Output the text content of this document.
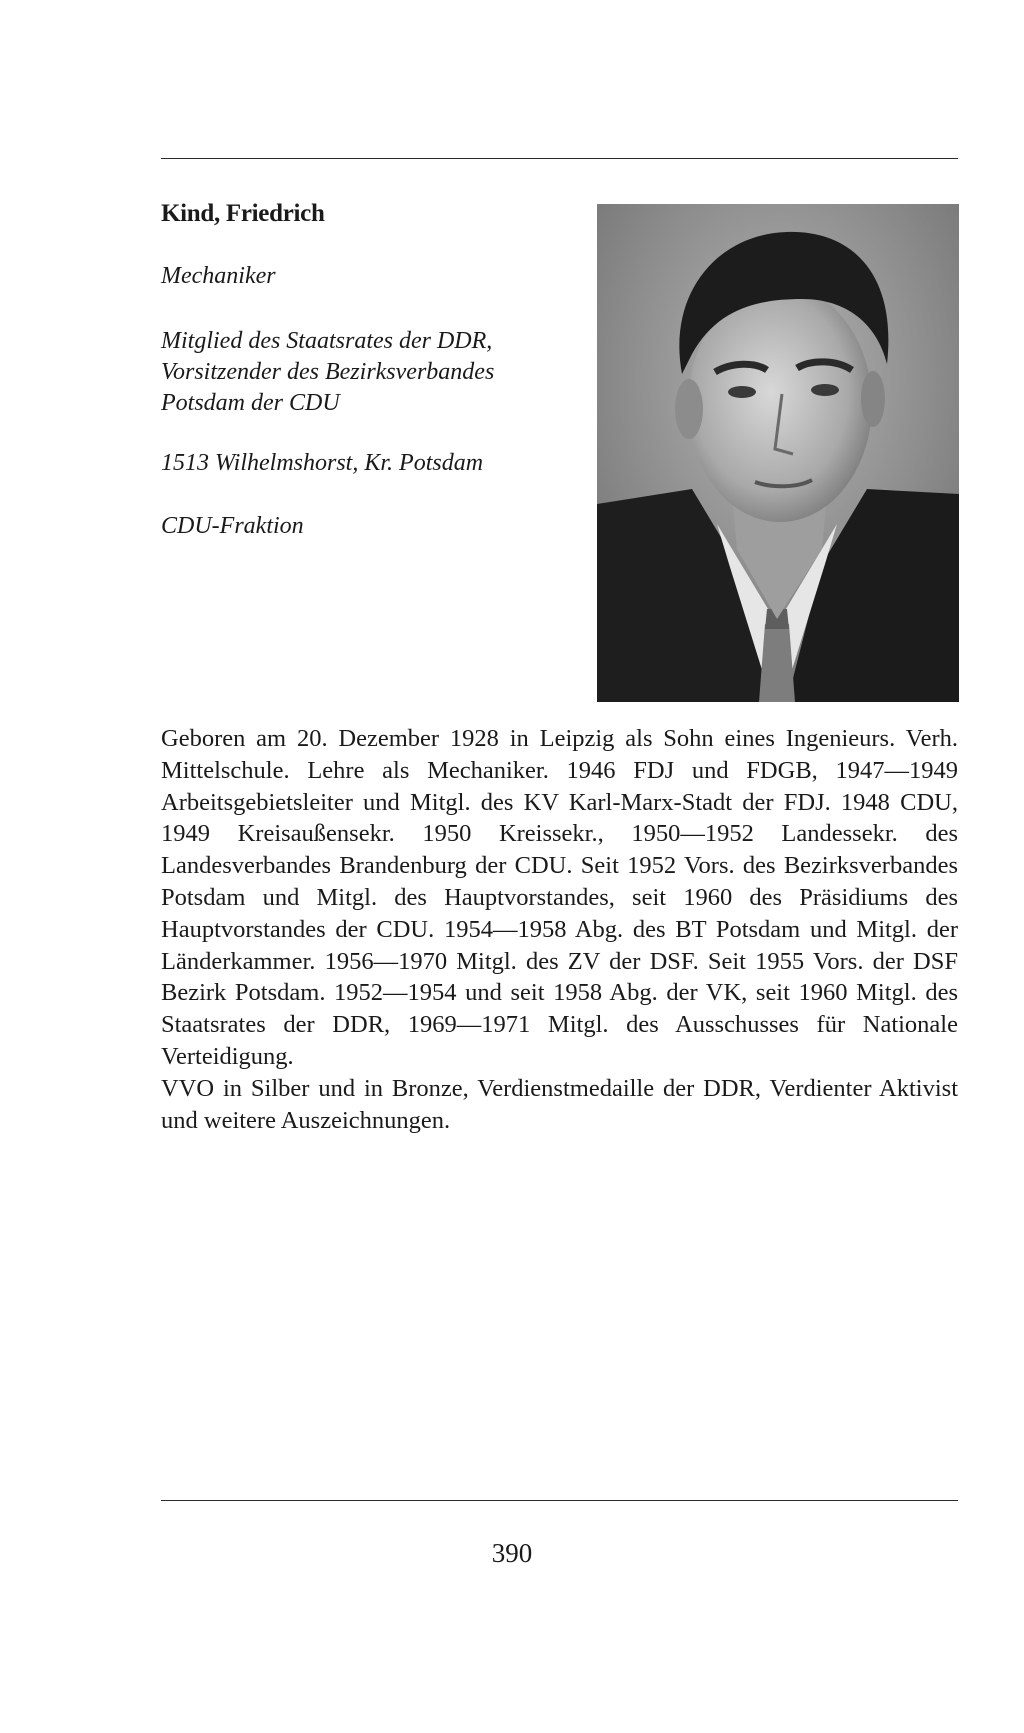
Kind, Friedrich
Mechaniker
Mitglied des Staatsrates der DDR,
Vorsitzender des Bezirksverbandes
Potsdam der CDU
1513 Wilhelmshorst, Kr. Potsdam
CDU-Fraktion

Geboren am 20. Dezember 1928 in Leipzig als Sohn eines Ingenieurs. Verh. Mittelschule. Lehre als Mechaniker. 1946 FDJ und FDGB, 1947—1949 Arbeitsgebietsleiter und Mitgl. des KV Karl-Marx-Stadt der FDJ. 1948 CDU, 1949 Kreisaußensekr. 1950 Kreissekr., 1950—1952 Landessekr. des Landesverbandes Brandenburg der CDU. Seit 1952 Vors. des Bezirksverbandes Potsdam und Mitgl. des Hauptvorstandes, seit 1960 des Präsidiums des Hauptvorstandes der CDU. 1954—1958 Abg. des BT Potsdam und Mitgl. der Länderkammer. 1956—1970 Mitgl. des ZV der DSF. Seit 1955 Vors. der DSF Bezirk Potsdam. 1952—1954 und seit 1958 Abg. der VK, seit 1960 Mitgl. des Staatsrates der DDR, 1969—1971 Mitgl. des Ausschusses für Nationale Verteidigung.

VVO in Silber und in Bronze, Verdienstmedaille der DDR, Verdienter Aktivist und weitere Auszeichnungen.

390
